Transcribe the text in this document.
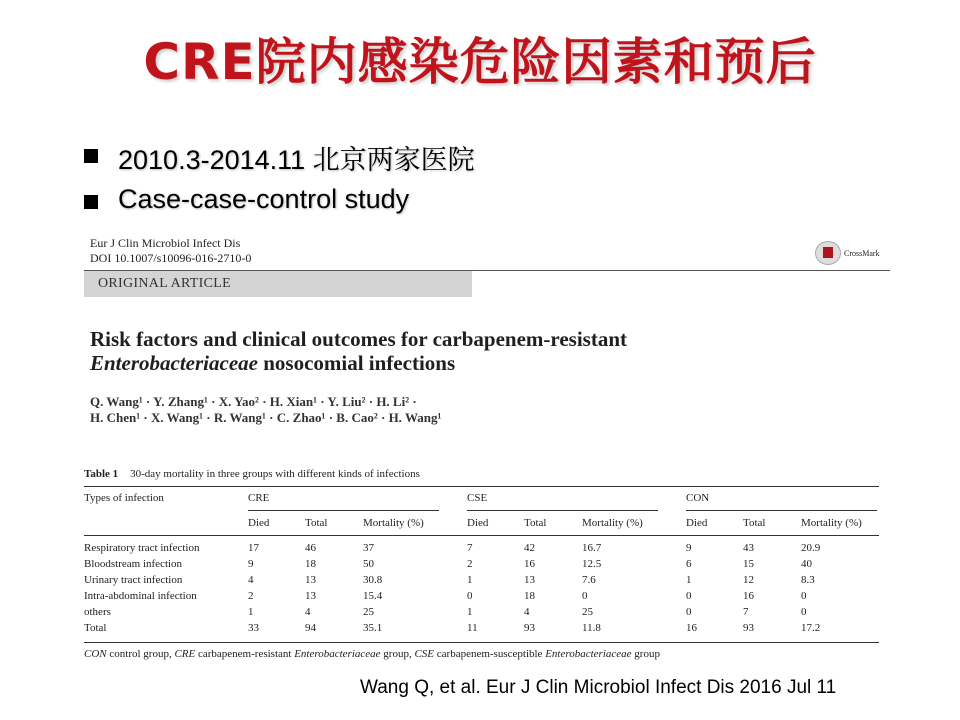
CRE院内感染危险因素和预后
2010.3-2014.11 北京两家医院
Case-case-control study
Eur J Clin Microbiol Infect Dis
DOI 10.1007/s10096-016-2710-0	CrossMark
ORIGINAL ARTICLE
Risk factors and clinical outcomes for carbapenem-resistant
Enterobacteriaceae nosocomial infections
Q. Wang¹ · Y. Zhang¹ · X. Yao² · H. Xian¹ · Y. Liu² · H. Li² ·
H. Chen¹ · X. Wang¹ · R. Wang¹ · C. Zhao¹ · B. Cao² · H. Wang¹
Table 1 30-day mortality in three groups with different kinds of infections
Types of infection	CRE	CSE	CON
Died	Total	Mortality (%)	Died	Total	Mortality (%)	Died	Total	Mortality (%)
Respiratory tract infection	17	46	37	7	42	16.7	9	43	20.9
Bloodstream infection	9	18	50	2	16	12.5	6	15	40
Urinary tract infection	4	13	30.8	1	13	7.6	1	12	8.3
Intra-abdominal infection	2	13	15.4	0	18	0	0	16	0
others	1	4	25	1	4	25	0	7	0
Total	33	94	35.1	11	93	11.8	16	93	17.2
CON control group, CRE carbapenem-resistant Enterobacteriaceae group, CSE carbapenem-susceptible Enterobacteriaceae group
Wang Q, et al. Eur J Clin Microbiol Infect Dis 2016 Jul 11
